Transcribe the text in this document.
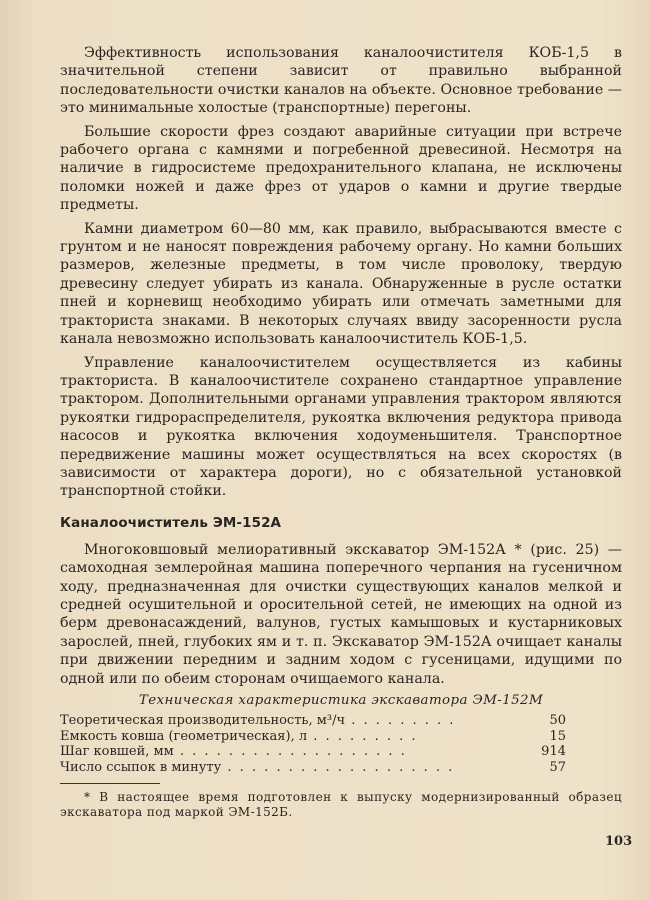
Эффективность использования каналоочистителя КОБ-1,5 в значительной степени зависит от правильно выбранной последовательности очистки каналов на объекте. Основное требование — это минимальные холостые (транспортные) перегоны.

Большие скорости фрез создают аварийные ситуации при встрече рабочего органа с камнями и погребенной древесиной. Несмотря на наличие в гидросистеме предохранительного клапана, не исключены поломки ножей и даже фрез от ударов о камни и другие твердые предметы.

Камни диаметром 60—80 мм, как правило, выбрасываются вместе с грунтом и не наносят повреждения рабочему органу. Но камни больших размеров, железные предметы, в том числе проволоку, твердую древесину следует убирать из канала. Обнаруженные в русле остатки пней и корневищ необходимо убирать или отмечать заметными для тракториста знаками. В некоторых случаях ввиду засоренности русла канала невозможно использовать каналоочиститель КОБ-1,5.

Управление каналоочистителем осуществляется из кабины тракториста. В каналоочистителе сохранено стандартное управление трактором. Дополнительными органами управления трактором являются рукоятки гидрораспределителя, рукоятка включения редуктора привода насосов и рукоятка включения ходоуменьшителя. Транспортное передвижение машины может осуществляться на всех скоростях (в зависимости от характера дороги), но с обязательной установкой транспортной стойки.

Каналоочиститель ЭМ-152А

Многоковшовый мелиоративный экскаватор ЭМ-152А * (рис. 25) — самоходная землеройная машина поперечного черпания на гусеничном ходу, предназначенная для очистки существующих каналов мелкой и средней осушительной и оросительной сетей, не имеющих на одной из берм древонасаждений, валунов, густых камышовых и кустарниковых зарослей, пней, глубоких ям и т. п. Экскаватор ЭМ-152А очищает каналы при движении передним и задним ходом с гусеницами, идущими по одной или по обеим сторонам очищаемого канала.

Техническая характеристика экскаватора ЭМ-152М
Теоретическая производительность, м³/ч . . . . . . . . .	50
Емкость ковша (геометрическая), л . . . . . . . . .	15
Шаг ковшей, мм . . . . . . . . . . . . . . . . . . .	914
Число ссыпок в минуту . . . . . . . . . . . . . . . . . . .	57

* В настоящее время подготовлен к выпуску модернизированный образец экскаватора под маркой ЭМ-152Б.

103
